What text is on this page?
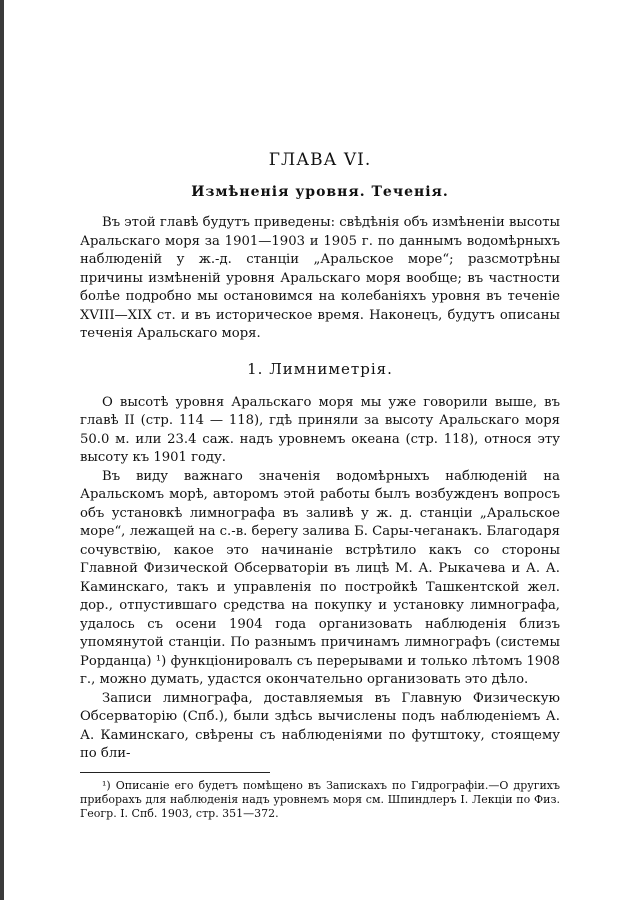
ГЛАВА VI.
Измѣненія уровня. Теченія.

Въ этой главѣ будутъ приведены: свѣдѣнія объ измѣненіи высоты Аральскаго моря за 1901—1903 и 1905 г. по даннымъ водомѣрныхъ наблюденій у ж.-д. станціи „Аральское море“; разсмотрѣны причины измѣненій уровня Аральскаго моря вообще; въ частности болѣе подробно мы остановимся на колебаніяхъ уровня въ теченіе XVIII—XIX ст. и въ историческое время. Наконецъ, будутъ описаны теченія Аральскаго моря.

1. Лимниметрія.

О высотѣ уровня Аральскаго моря мы уже говорили выше, въ главѣ II (стр. 114 — 118), гдѣ приняли за высоту Аральскаго моря 50.0 м. или 23.4 саж. надъ уровнемъ океана (стр. 118), относя эту высоту къ 1901 году.

Въ виду важнаго значенія водомѣрныхъ наблюденій на Аральскомъ морѣ, авторомъ этой работы былъ возбужденъ вопросъ объ установкѣ лимнографа въ заливѣ у ж. д. станціи „Аральское море“, лежащей на с.-в. берегу залива Б. Сары-чеганакъ. Благодаря сочувствію, какое это начинаніе встрѣтило какъ со стороны Главной Физической Обсерваторіи въ лицѣ М. А. Рыкачева и А. А. Каминскаго, такъ и управленія по постройкѣ Ташкентской жел. дор., отпустившаго средства на покупку и установку лимнографа, удалось съ осени 1904 года организовать наблюденія близъ упомянутой станціи. По разнымъ причинамъ лимнографъ (системы Рорданца) ¹) функціонировалъ съ перерывами и только лѣтомъ 1908 г., можно думать, удастся окончательно организовать это дѣло.

Записи лимнографа, доставляемыя въ Главную Физическую Обсерваторію (Спб.), были здѣсь вычислены подъ наблюденіемъ А. А. Каминскаго, свѣрены съ наблюденіями по футштоку, стоящему по бли-

¹) Описаніе его будетъ помѣщено въ Запискахъ по Гидрографіи.—О другихъ приборахъ для наблюденія надъ уровнемъ моря см. Шпиндлеръ І. Лекціи по Физ. Геогр. І. Спб. 1903, стр. 351—372.
